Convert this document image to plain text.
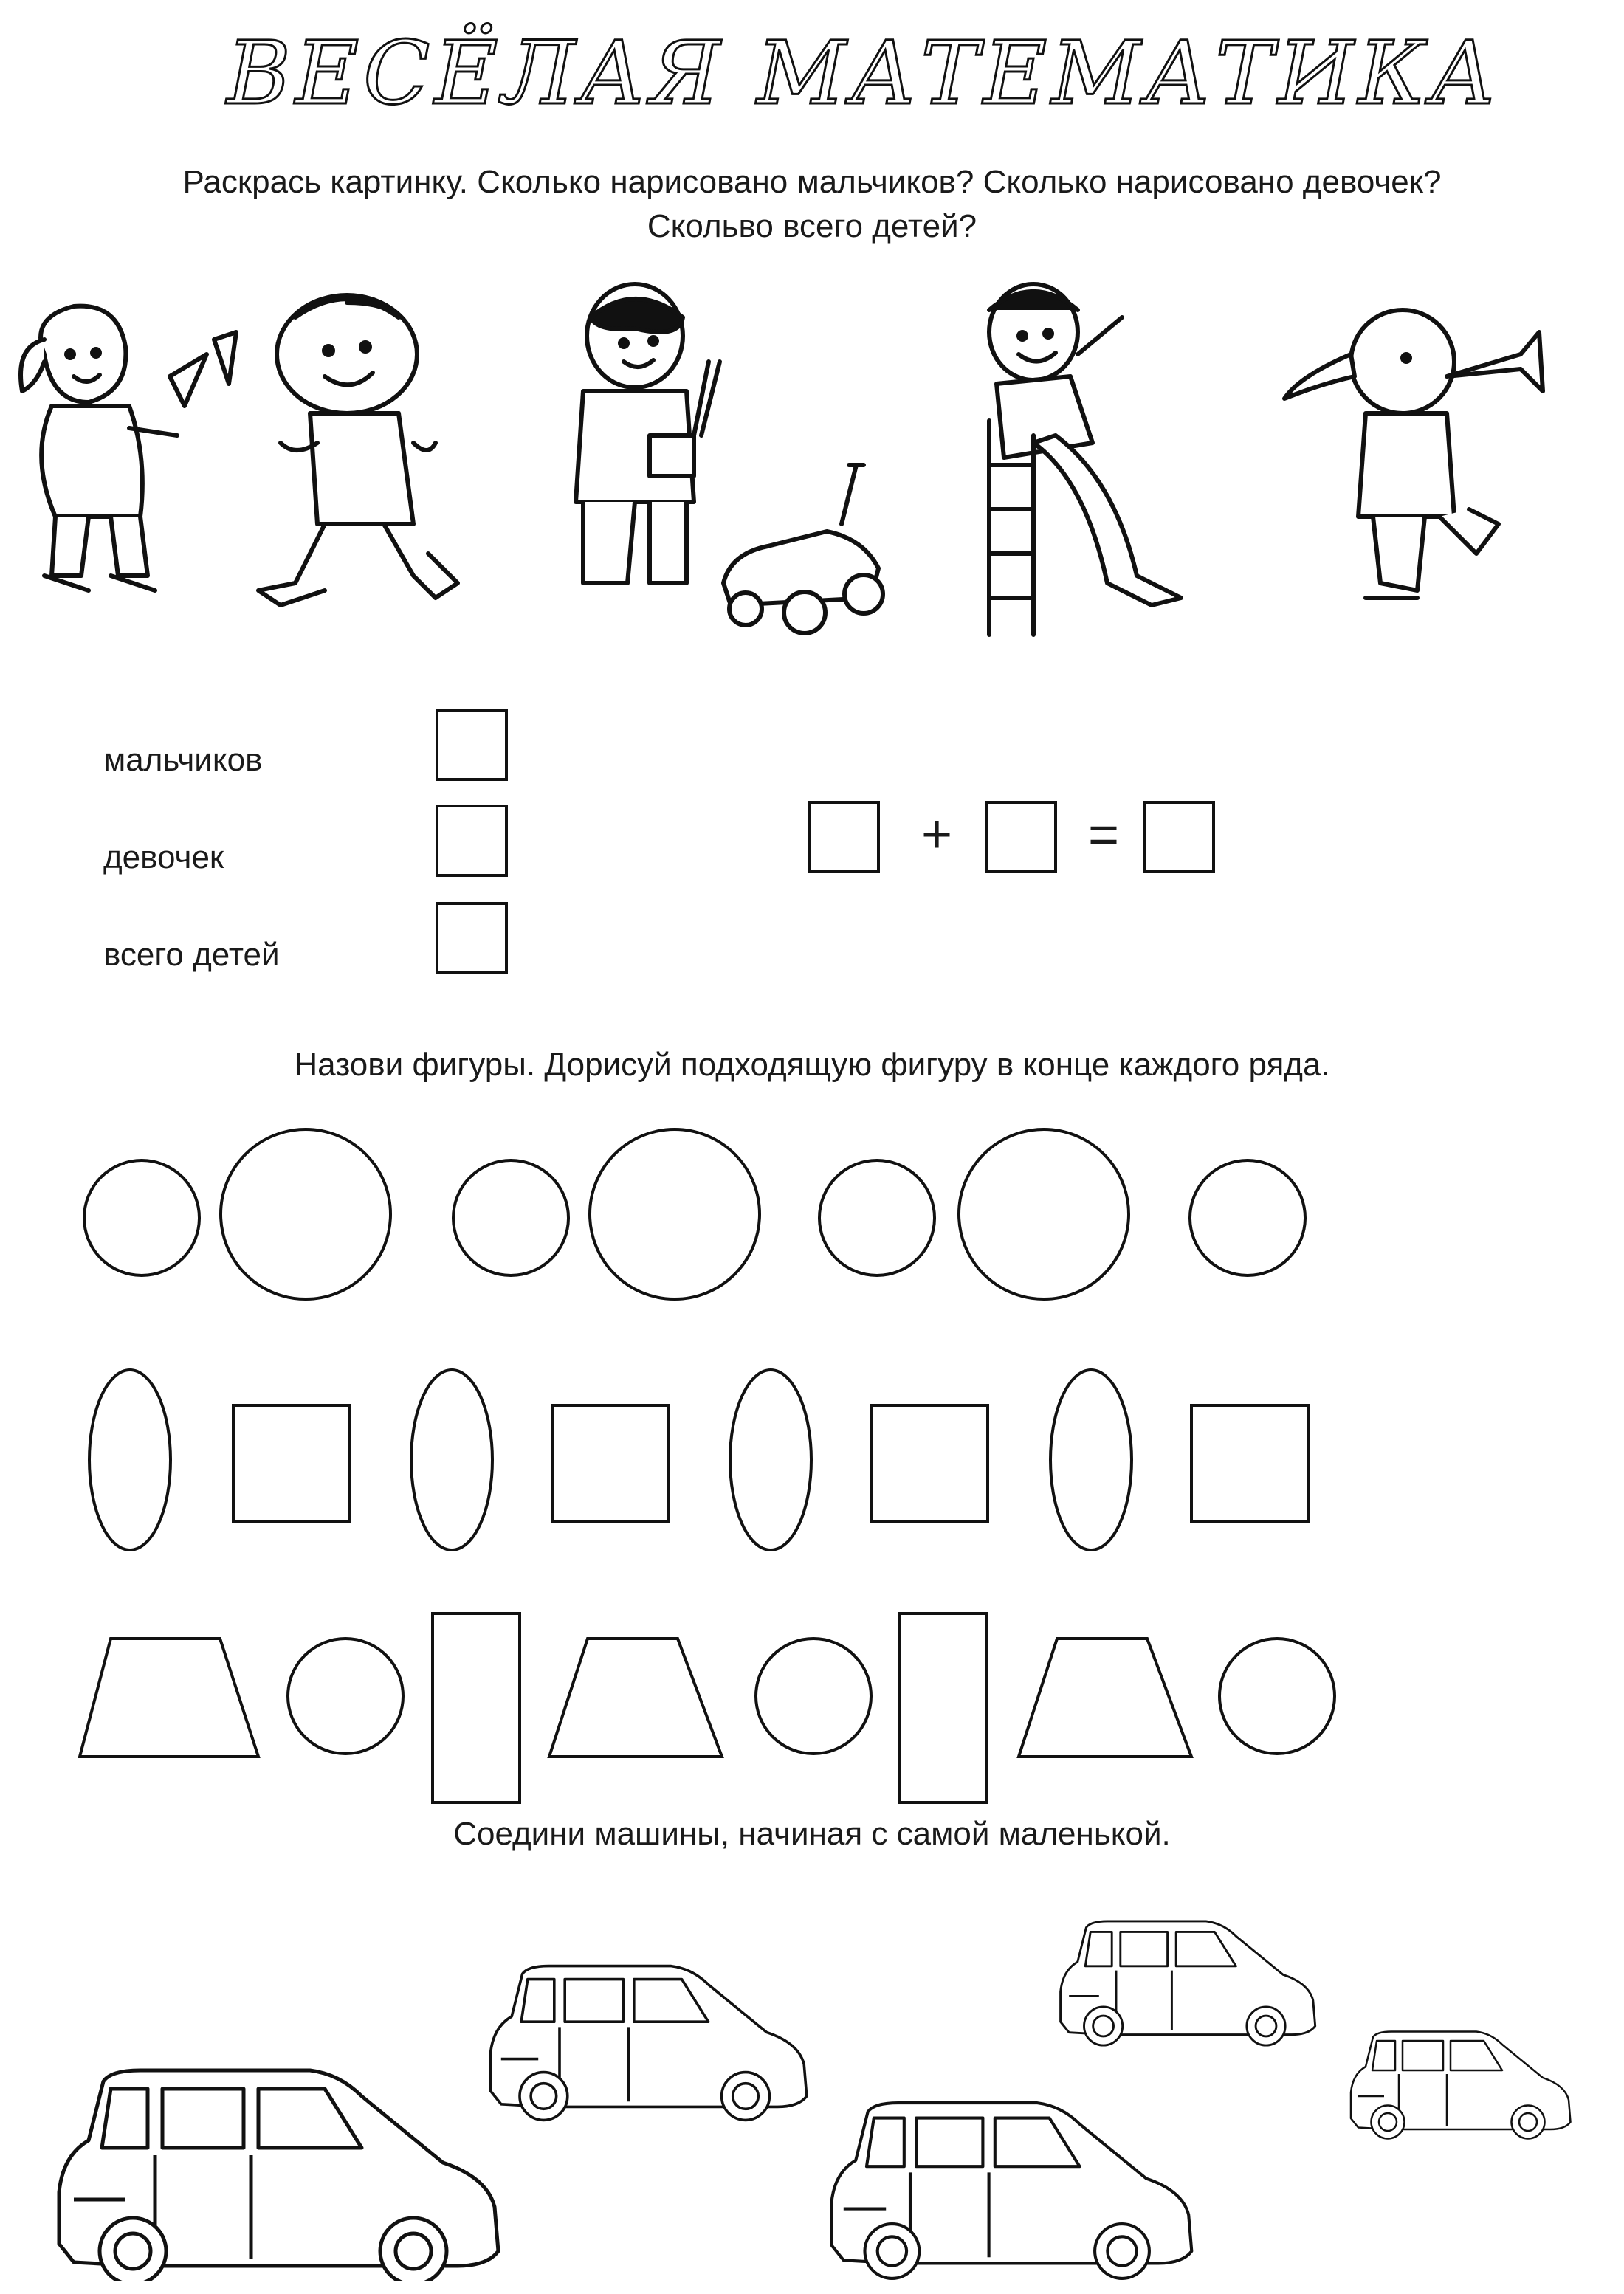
ВЕСЁЛАЯ МАТЕМАТИКА
Раскрась картинку. Сколько нарисовано мальчиков? Сколько нарисовано девочек?
Скольво всего детей?
мальчиков
девочек
всего детей
+	=
Назови фигуры. Дорисуй подходящую фигуру в конце каждого ряда.
Соедини машины, начиная с самой маленькой.
